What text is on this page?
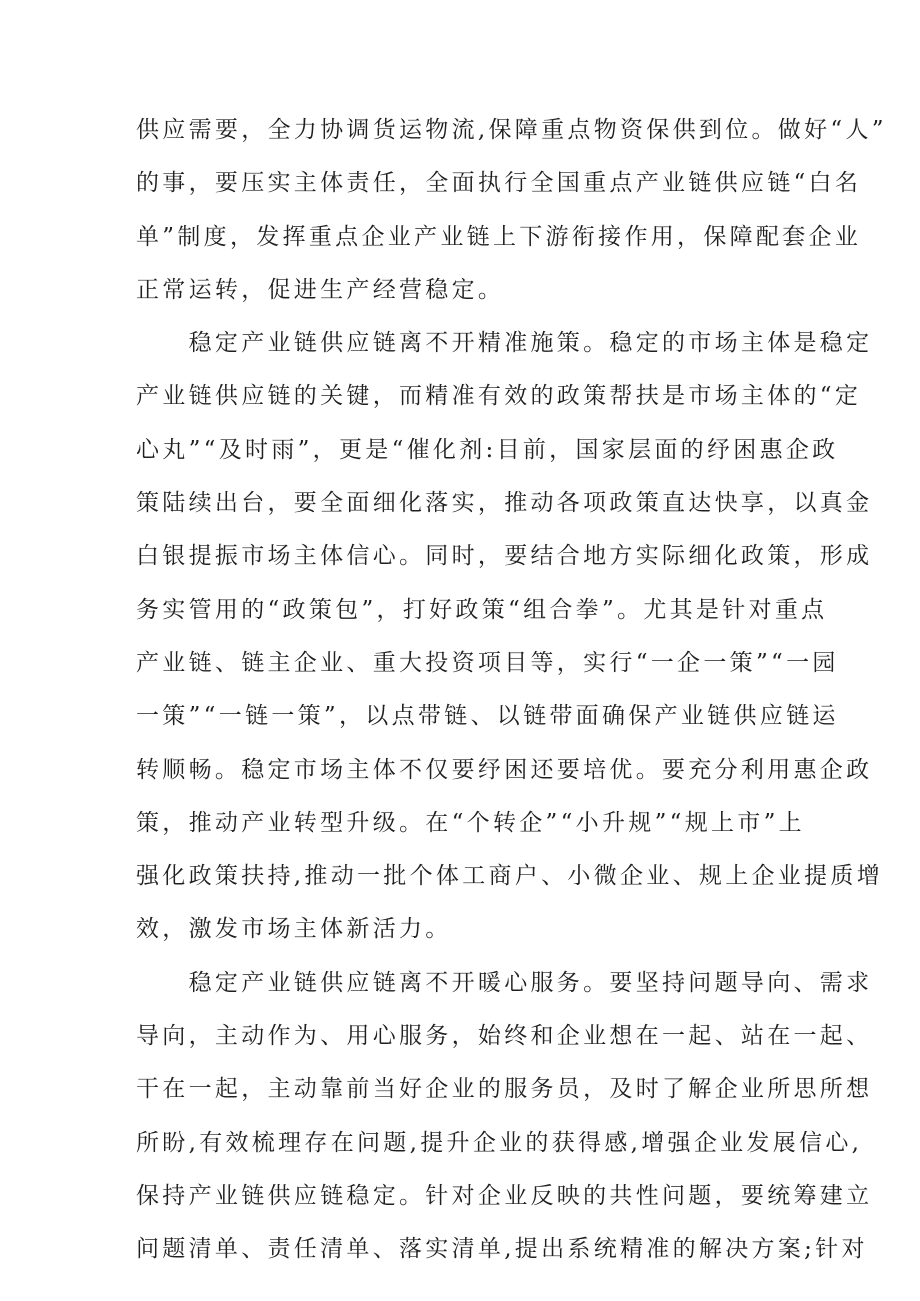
供应需要，全力协调货运物流,保障重点物资保供到位。做好“人”
的事，要压实主体责任，全面执行全国重点产业链供应链“白名
单”制度，发挥重点企业产业链上下游衔接作用，保障配套企业
正常运转，促进生产经营稳定。
　　稳定产业链供应链离不开精准施策。稳定的市场主体是稳定
产业链供应链的关键，而精准有效的政策帮扶是市场主体的“定
心丸”“及时雨”，更是“催化剂:目前，国家层面的纾困惠企政
策陆续出台，要全面细化落实，推动各项政策直达快享，以真金
白银提振市场主体信心。同时，要结合地方实际细化政策，形成
务实管用的“政策包”，打好政策“组合拳”。尤其是针对重点
产业链、链主企业、重大投资项目等，实行“一企一策”“一园
一策”“一链一策”，以点带链、以链带面确保产业链供应链运
转顺畅。稳定市场主体不仅要纾困还要培优。要充分利用惠企政
策，推动产业转型升级。在“个转企”“小升规”“规上市”上
强化政策扶持,推动一批个体工商户、小微企业、规上企业提质增
效，激发市场主体新活力。
　　稳定产业链供应链离不开暖心服务。要坚持问题导向、需求
导向，主动作为、用心服务，始终和企业想在一起、站在一起、
干在一起，主动靠前当好企业的服务员，及时了解企业所思所想
所盼,有效梳理存在问题,提升企业的获得感,增强企业发展信心,
保持产业链供应链稳定。针对企业反映的共性问题，要统筹建立
问题清单、责任清单、落实清单,提出系统精准的解决方案;针对
